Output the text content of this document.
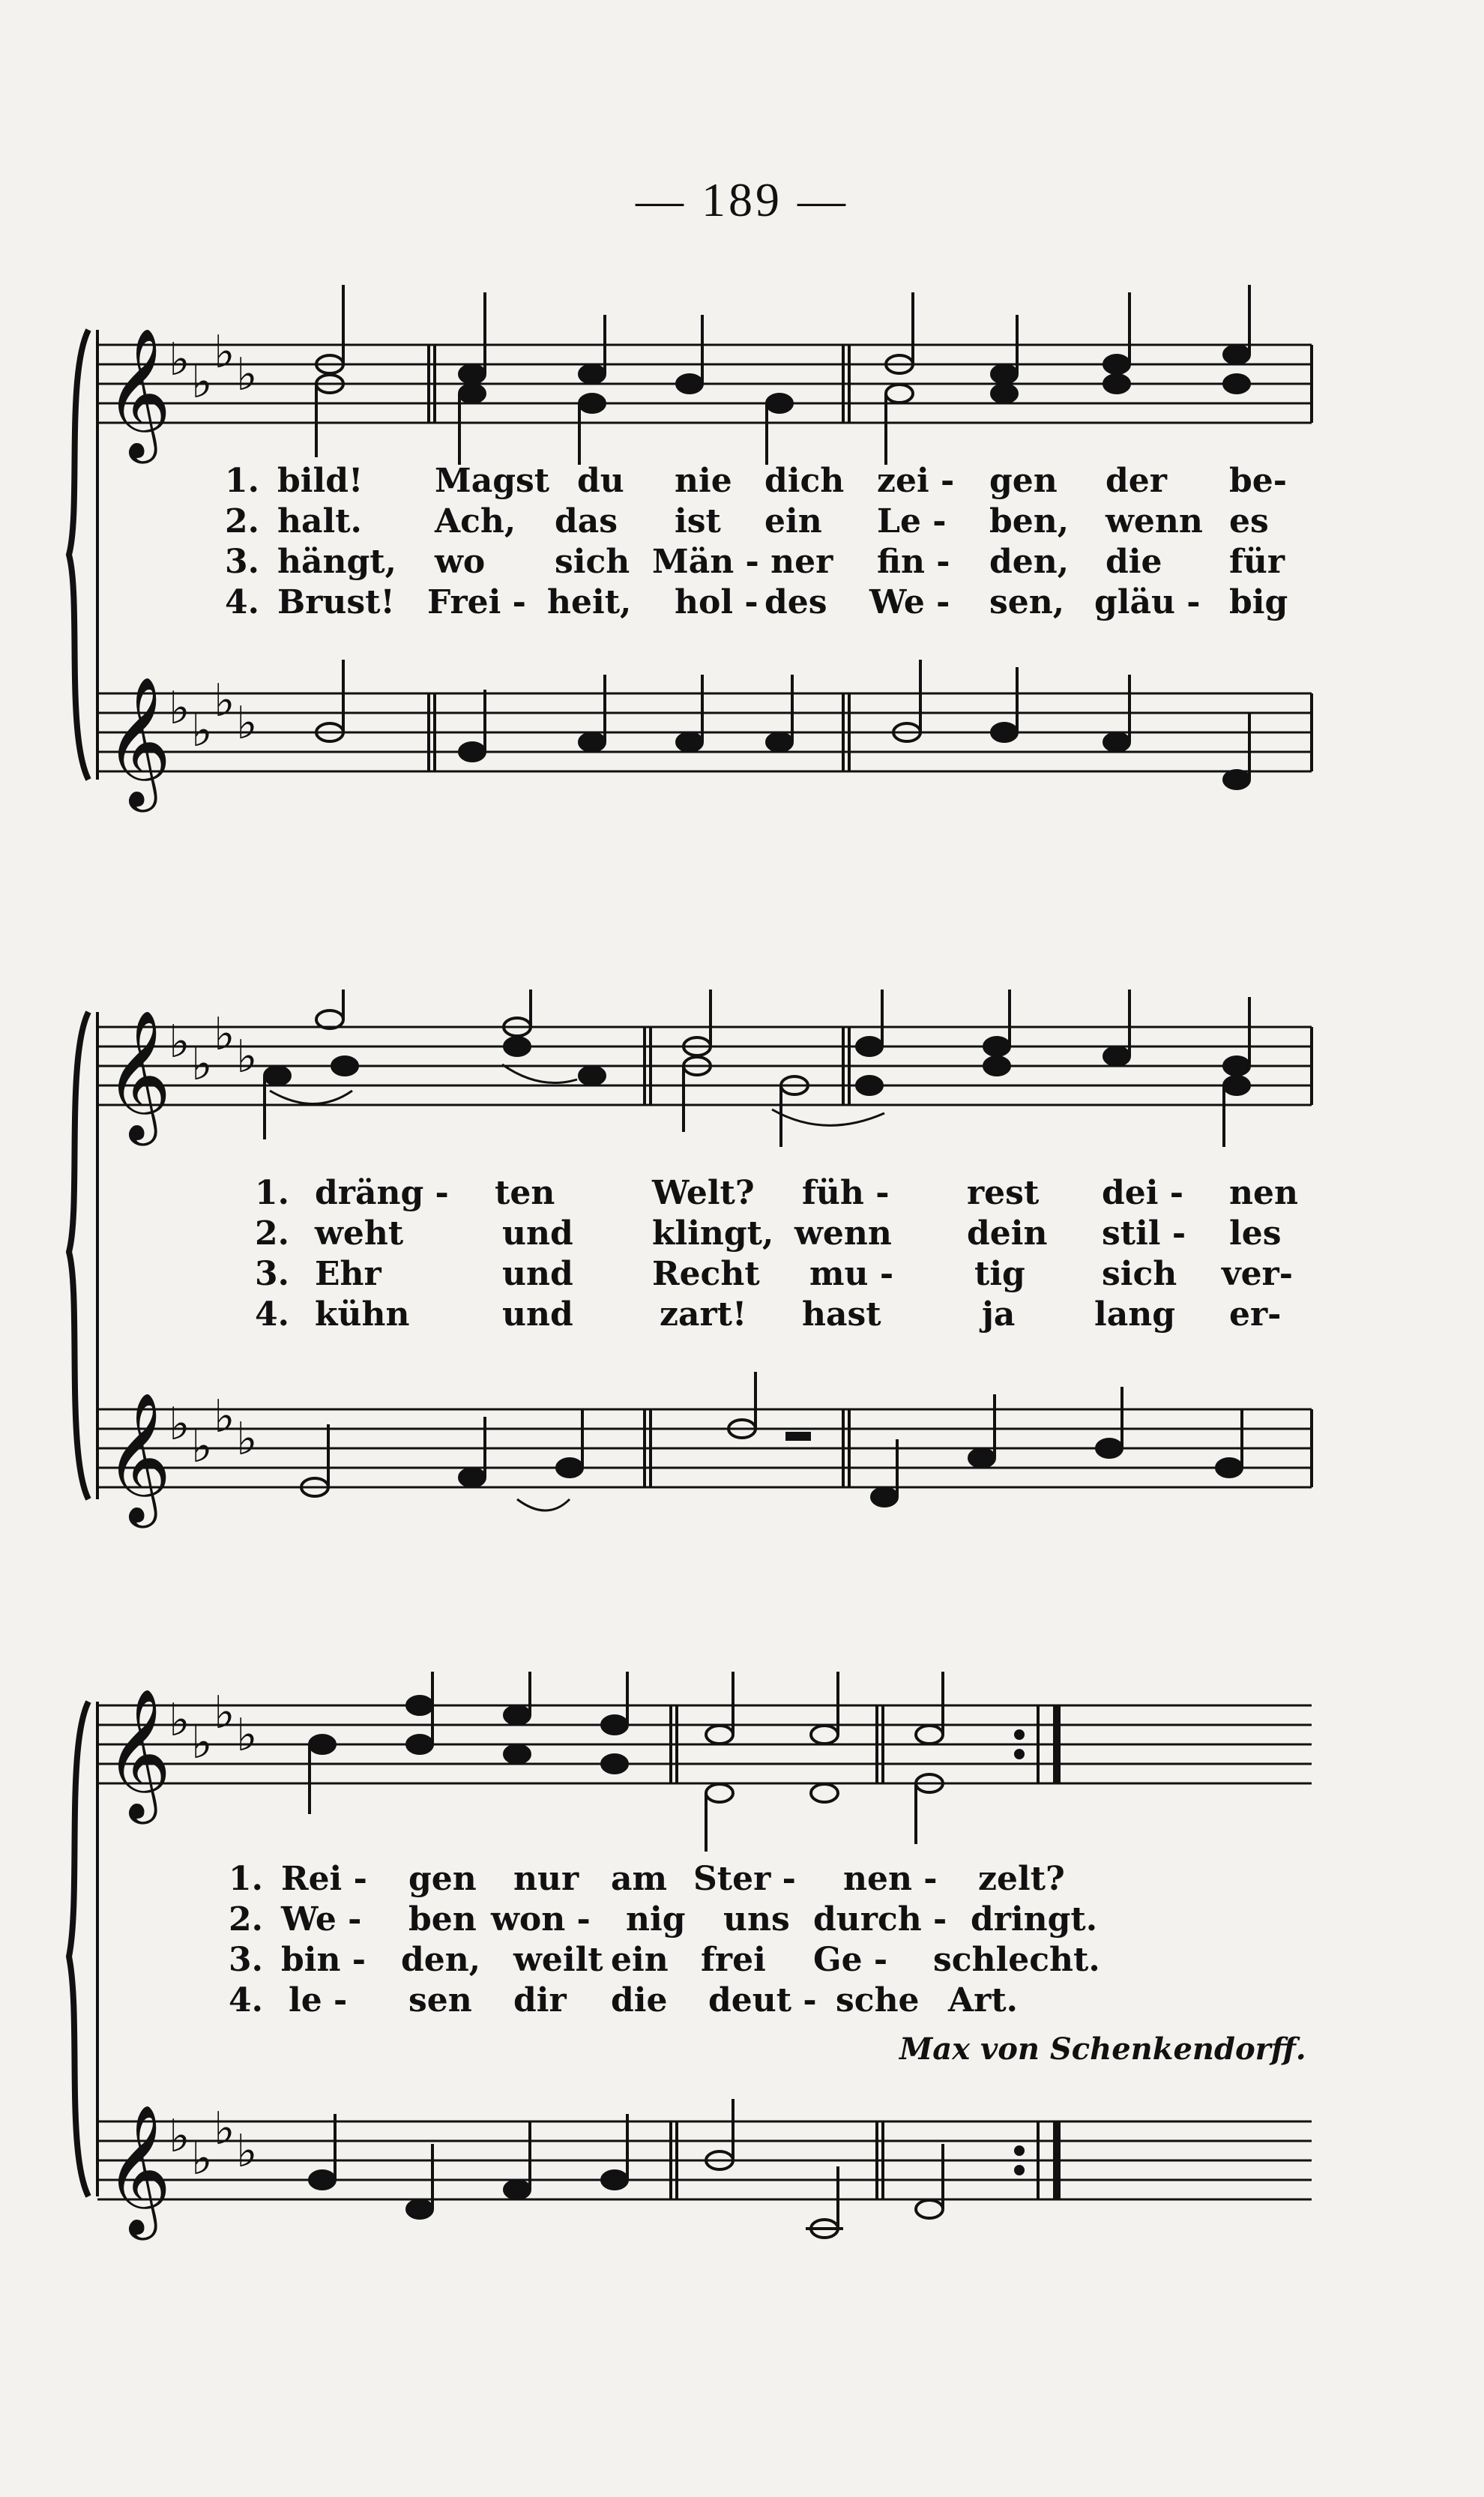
— 189 —
𝄞
𝄞
♭ ♭
♭ ♭
♭ ♭
♭ ♭
1. bild! Magst du nie dich zei - gen der be-
2. halt. Ach, das ist ein Le - ben, wenn es
3. hängt, wo sich Män - ner fin - den, die für
4. Brust! Frei - heit, hol - des We - sen, gläu - big
𝄞
𝄞
♭ ♭
♭ ♭
♭ ♭
♭ ♭
1. dräng - ten	Welt? füh - rest dei - nen
2. weht	und klingt, wenn dein stil - les
3. Ehr	und Recht mu - tig sich ver-
4. kühn	und	zart! hast	ja lang er-
𝄞
𝄞
♭ ♭
♭ ♭
♭ ♭
♭ ♭
1. Rei - gen nur am Ster - nen - zelt?
2. We - ben won - nig uns durch - dringt.
3. bin - den, weilt ein frei Ge - schlecht.
4. le - sen dir die deut - sche Art.
Max von Schenkendorff.
